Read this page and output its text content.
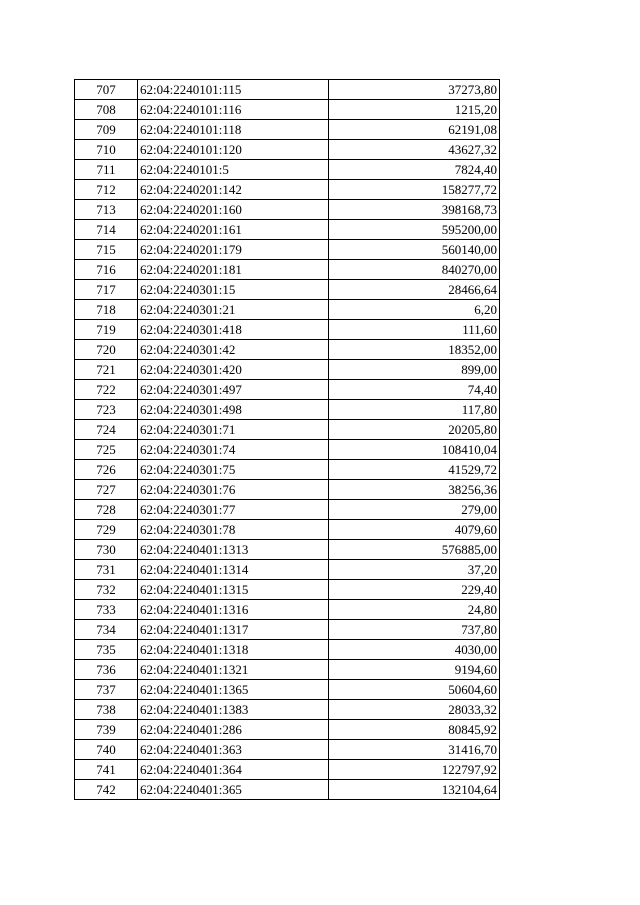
707	62:04:2240101:115	37273,80
708	62:04:2240101:116	1215,20
709	62:04:2240101:118	62191,08
710	62:04:2240101:120	43627,32
711	62:04:2240101:5	7824,40
712	62:04:2240201:142	158277,72
713	62:04:2240201:160	398168,73
714	62:04:2240201:161	595200,00
715	62:04:2240201:179	560140,00
716	62:04:2240201:181	840270,00
717	62:04:2240301:15	28466,64
718	62:04:2240301:21	6,20
719	62:04:2240301:418	111,60
720	62:04:2240301:42	18352,00
721	62:04:2240301:420	899,00
722	62:04:2240301:497	74,40
723	62:04:2240301:498	117,80
724	62:04:2240301:71	20205,80
725	62:04:2240301:74	108410,04
726	62:04:2240301:75	41529,72
727	62:04:2240301:76	38256,36
728	62:04:2240301:77	279,00
729	62:04:2240301:78	4079,60
730	62:04:2240401:1313	576885,00
731	62:04:2240401:1314	37,20
732	62:04:2240401:1315	229,40
733	62:04:2240401:1316	24,80
734	62:04:2240401:1317	737,80
735	62:04:2240401:1318	4030,00
736	62:04:2240401:1321	9194,60
737	62:04:2240401:1365	50604,60
738	62:04:2240401:1383	28033,32
739	62:04:2240401:286	80845,92
740	62:04:2240401:363	31416,70
741	62:04:2240401:364	122797,92
742	62:04:2240401:365	132104,64
